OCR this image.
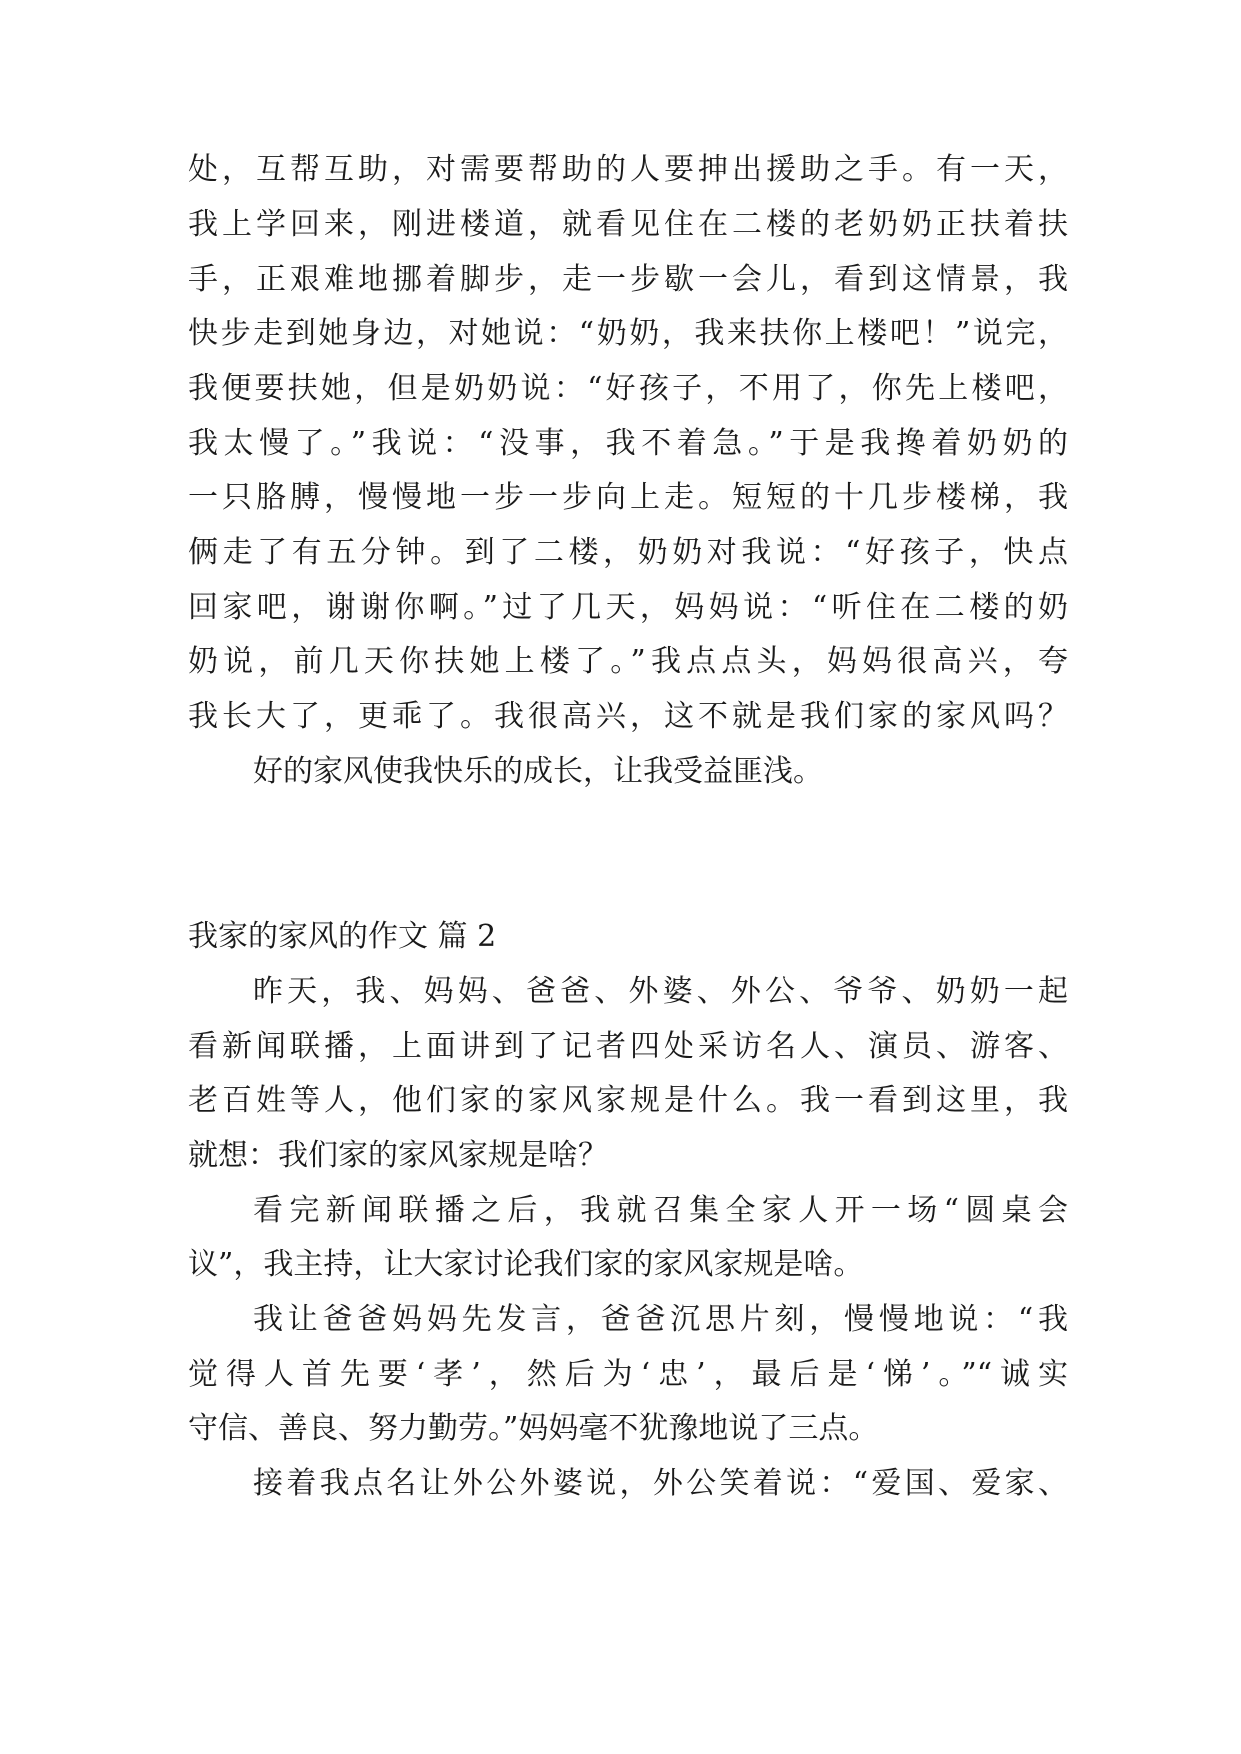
处，互帮互助，对需要帮助的人要抻出援助之手。有一天，
我上学回来，刚进楼道，就看见住在二楼的老奶奶正扶着扶
手，正艰难地挪着脚步，走一步歇一会儿，看到这情景，我
快步走到她身边，对她说：“奶奶，我来扶你上楼吧！”说完，
我便要扶她，但是奶奶说：“好孩子，不用了，你先上楼吧，
我太慢了。”我说：“没事，我不着急。”于是我搀着奶奶的
一只胳膊，慢慢地一步一步向上走。短短的十几步楼梯，我
俩走了有五分钟。到了二楼，奶奶对我说：“好孩子，快点
回家吧，谢谢你啊。”过了几天，妈妈说：“听住在二楼的奶
奶说，前几天你扶她上楼了。”我点点头，妈妈很高兴，夸
我长大了，更乖了。我很高兴，这不就是我们家的家风吗？
好的家风使我快乐的成长，让我受益匪浅。
我家的家风的作文 篇 2
昨天，我、妈妈、爸爸、外婆、外公、爷爷、奶奶一起
看新闻联播，上面讲到了记者四处采访名人、演员、游客、
老百姓等人，他们家的家风家规是什么。我一看到这里，我
就想：我们家的家风家规是啥？
看完新闻联播之后，我就召集全家人开一场“圆桌会
议”，我主持，让大家讨论我们家的家风家规是啥。
我让爸爸妈妈先发言，爸爸沉思片刻，慢慢地说：“我
觉得人首先要‘孝’，然后为‘忠’，最后是‘悌’。”“诚实
守信、善良、努力勤劳。”妈妈毫不犹豫地说了三点。
接着我点名让外公外婆说，外公笑着说：“爱国、爱家、
